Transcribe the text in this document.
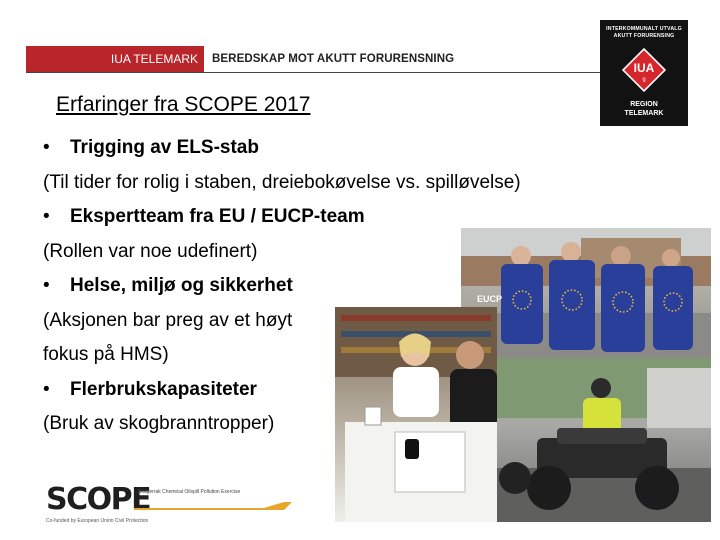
IUA TELEMARK	BEREDSKAP MOT AKUTT FORURENSNING
INTERKOMMUNALT UTVALG AKUTT FORURENSING
IUA
9
REGION
TELEMARK
Erfaringer fra SCOPE 2017
• Trigging av ELS-stab
(Til tider for rolig i staben, dreiebokøvelse vs. spilløvelse)
• Ekspertteam fra EU / EUCP-team
(Rollen var noe udefinert)
• Helse, miljø og sikkerhet
(Aksjonen bar preg av et høyt
fokus på HMS)
• Flerbrukskapasiteter
(Bruk av skogbranntropper)
EUCP
SCOPE
Skagerrak Chemical Oilspill Pollution Exercise
Co-funded by European Union Civil Protection
